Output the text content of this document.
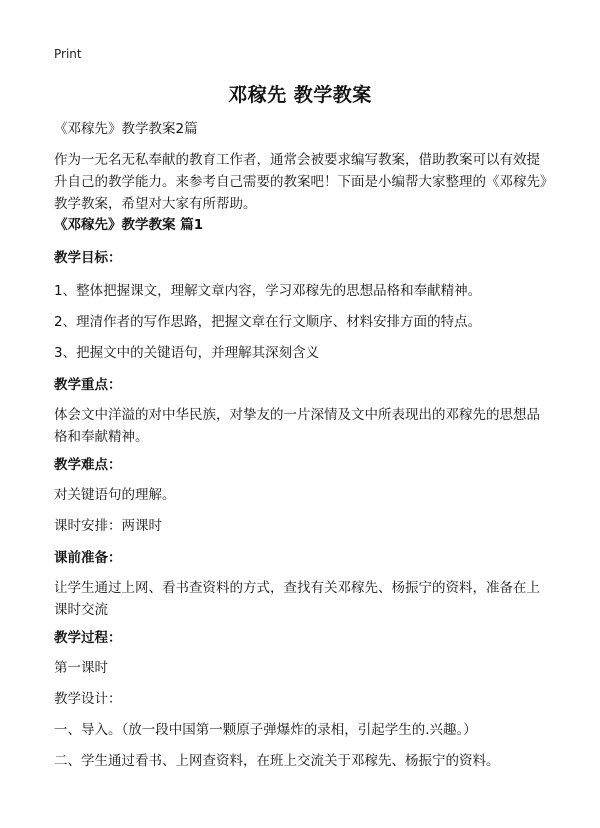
Print
邓稼先 教学教案
《邓稼先》教学教案2篇
作为一无名无私奉献的教育工作者，通常会被要求编写教案，借助教案可以有效提升自己的教学能力。来参考自己需要的教案吧！下面是小编帮大家整理的《邓稼先》教学教案，希望对大家有所帮助。
《邓稼先》教学教案 篇1
教学目标：
1、整体把握课文，理解文章内容，学习邓稼先的思想品格和奉献精神。
2、理清作者的写作思路，把握文章在行文顺序、材料安排方面的特点。
3、把握文中的关键语句，并理解其深刻含义
教学重点：
体会文中洋溢的对中华民族，对挚友的一片深情及文中所表现出的邓稼先的思想品格和奉献精神。
教学难点：
对关键语句的理解。
课时安排：两课时
课前准备：
让学生通过上网、看书查资料的方式，查找有关邓稼先、杨振宁的资料，准备在上课时交流
教学过程：
第一课时
教学设计：
一、导入。（放一段中国第一颗原子弹爆炸的录相，引起学生的.兴趣。）
二、学生通过看书、上网查资料，在班上交流关于邓稼先、杨振宁的资料。
